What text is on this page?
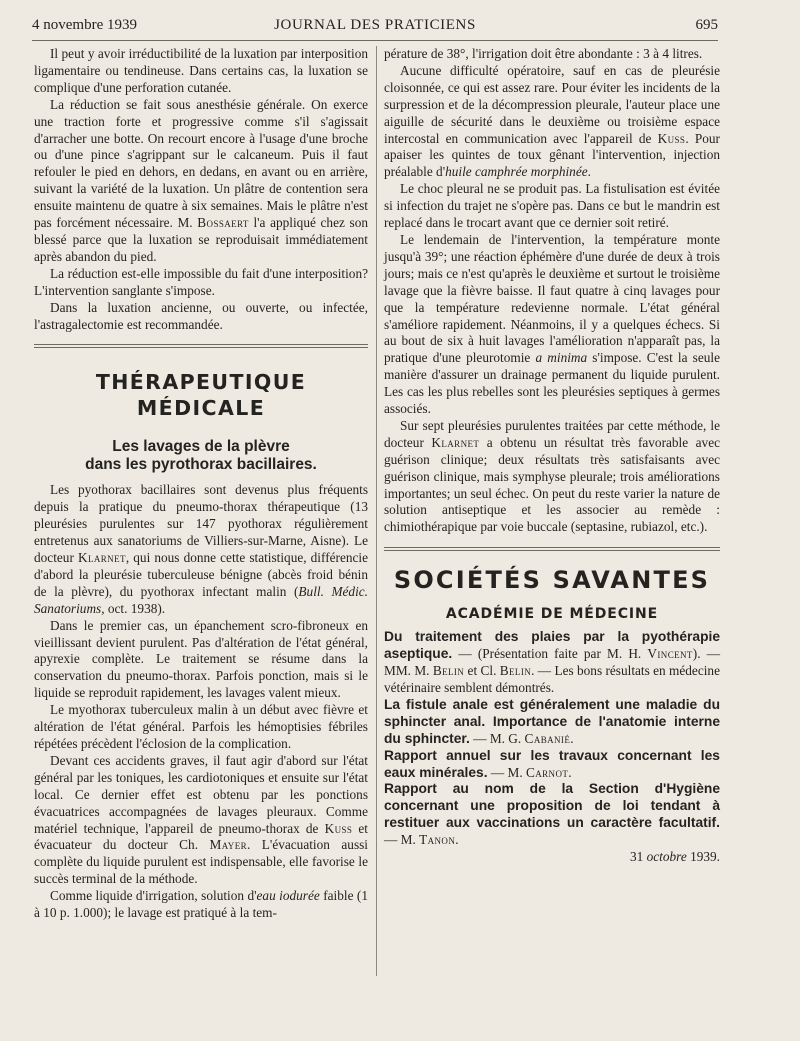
4 novembre 1939	JOURNAL DES PRATICIENS	695

Il peut y avoir irréductibilité de la luxation par interposition ligamentaire ou tendineuse. Dans certains cas, la luxation se complique d'une perforation cutanée.

La réduction se fait sous anesthésie générale. On exerce une traction forte et progressive comme s'il s'agissait d'arracher une botte. On recourt encore à l'usage d'une broche ou d'une pince s'agrippant sur le calcaneum. Puis il faut refouler le pied en dehors, en dedans, en avant ou en arrière, suivant la variété de la luxation. Un plâtre de contention sera ensuite maintenu de quatre à six semaines. Mais le plâtre n'est pas forcément nécessaire. M. Bossaert l'a appliqué chez son blessé parce que la luxation se reproduisait immédiatement après abandon du pied.

La réduction est-elle impossible du fait d'une interposition? L'intervention sanglante s'impose.

Dans la luxation ancienne, ou ouverte, ou infectée, l'astragalectomie est recommandée.

THÉRAPEUTIQUE MÉDICALE
Les lavages de la plèvre
dans les pyrothorax bacillaires.

Les pyothorax bacillaires sont devenus plus fréquents depuis la pratique du pneumo-thorax thérapeutique (13 pleurésies purulentes sur 147 pyothorax régulièrement entretenus aux sanatoriums de Villiers-sur-Marne, Aisne). Le docteur Klarnet, qui nous donne cette statistique, différencie d'abord la pleurésie tuberculeuse bénigne (abcès froid bénin de la plèvre), du pyothorax infectant malin (Bull. Médic. Sanatoriums, oct. 1938).

Dans le premier cas, un épanchement scro-fibroneux en vieillissant devient purulent. Pas d'altération de l'état général, apyrexie complète. Le traitement se résume dans la conservation du pneumo-thorax. Parfois ponction, mais si le liquide se reproduit rapidement, les lavages valent mieux.

Le myothorax tuberculeux malin à un début avec fièvre et altération de l'état général. Parfois les hémoptisies fébriles répétées précèdent l'éclosion de la complication.

Devant ces accidents graves, il faut agir d'abord sur l'état général par les toniques, les cardiotoniques et ensuite sur l'état local. Ce dernier effet est obtenu par les ponctions évacuatrices accompagnées de lavages pleuraux. Comme matériel technique, l'appareil de pneumo-thorax de Kuss et évacuateur du docteur Ch. Mayer. L'évacuation aussi complète du liquide purulent est indispensable, elle favorise le succès terminal de la méthode.

Comme liquide d'irrigation, solution d'eau iodurée faible (1 à 10 p. 1.000); le lavage est pratiqué à la tem-

pérature de 38°, l'irrigation doit être abondante : 3 à 4 litres.

Aucune difficulté opératoire, sauf en cas de pleurésie cloisonnée, ce qui est assez rare. Pour éviter les incidents de la surpression et de la décompression pleurale, l'auteur place une aiguille de sécurité dans le deuxième ou troisième espace intercostal en communication avec l'appareil de Kuss. Pour apaiser les quintes de toux gênant l'intervention, injection préalable d'huile camphrée morphinée.

Le choc pleural ne se produit pas. La fistulisation est évitée si infection du trajet ne s'opère pas. Dans ce but le mandrin est replacé dans le trocart avant que ce dernier soit retiré.

Le lendemain de l'intervention, la température monte jusqu'à 39°; une réaction éphémère d'une durée de deux à trois jours; mais ce n'est qu'après le deuxième et surtout le troisième lavage que la fièvre baisse. Il faut quatre à cinq lavages pour que la température redevienne normale. L'état général s'améliore rapidement. Néanmoins, il y a quelques échecs. Si au bout de six à huit lavages l'amélioration n'apparaît pas, la pratique d'une pleurotomie a minima s'impose. C'est la seule manière d'assurer un drainage permanent du liquide purulent. Les cas les plus rebelles sont les pleurésies septiques à germes associés.

Sur sept pleurésies purulentes traitées par cette méthode, le docteur Klarnet a obtenu un résultat très favorable avec guérison clinique; deux résultats très satisfaisants avec guérison clinique, mais symphyse pleurale; trois améliorations importantes; un seul échec. On peut du reste varier la nature de solution antiseptique et les associer au remède : chimiothérapique par voie buccale (septasine, rubiazol, etc.).

SOCIÉTÉS SAVANTES
ACADÉMIE DE MÉDECINE

Du traitement des plaies par la pyothérapie aseptique. — (Présentation faite par M. H. Vincent). — MM. M. Belin et Cl. Belin. — Les bons résultats en médecine vétérinaire semblent démontrés.

La fistule anale est généralement une maladie du sphincter anal. Importance de l'anatomie interne du sphincter. — M. G. Cabanié.

Rapport annuel sur les travaux concernant les eaux minérales. — M. Carnot.

Rapport au nom de la Section d'Hygiène concernant une proposition de loi tendant à restituer aux vaccinations un caractère facultatif. — M. Tanon.

31 octobre 1939.
